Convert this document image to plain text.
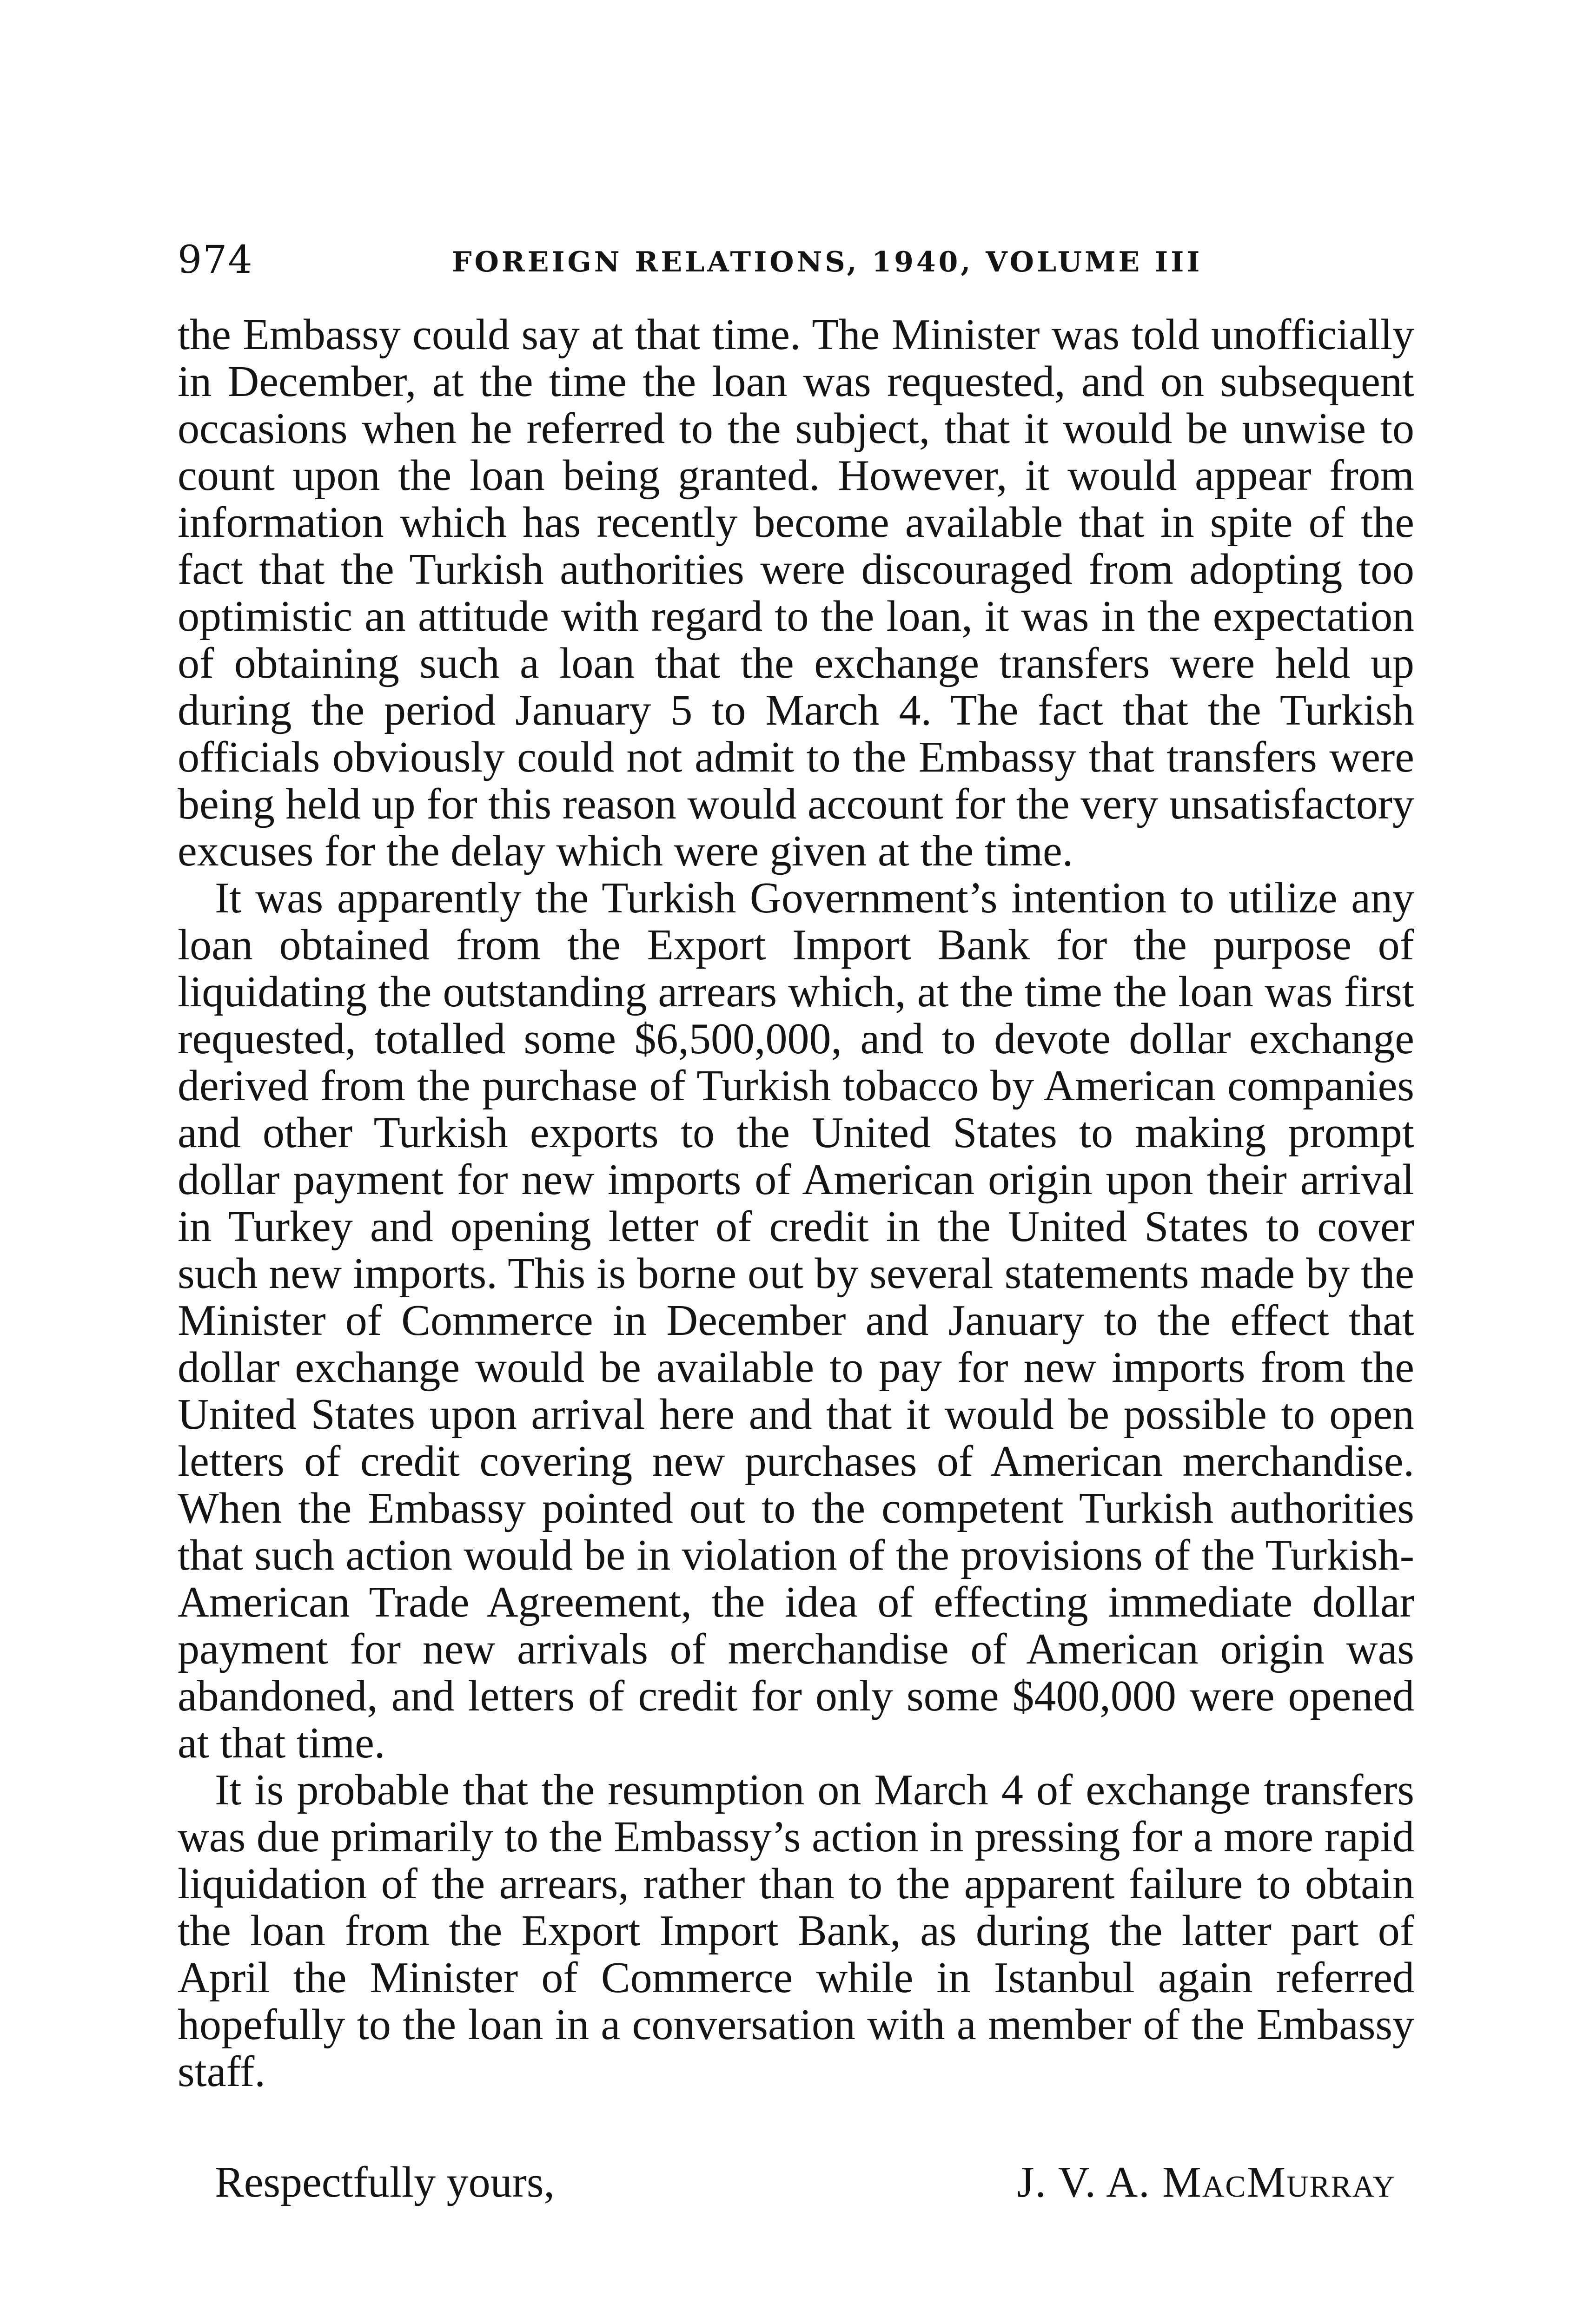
974	FOREIGN RELATIONS, 1940, VOLUME III

the Embassy could say at that time. The Minister was told unofficially in December, at the time the loan was requested, and on subsequent occasions when he referred to the subject, that it would be unwise to count upon the loan being granted. However, it would appear from information which has recently become available that in spite of the fact that the Turkish authorities were discouraged from adopting too optimistic an attitude with regard to the loan, it was in the expectation of obtaining such a loan that the exchange transfers were held up during the period January 5 to March 4. The fact that the Turkish officials obviously could not admit to the Embassy that transfers were being held up for this reason would account for the very unsatisfactory excuses for the delay which were given at the time.

It was apparently the Turkish Government’s intention to utilize any loan obtained from the Export Import Bank for the purpose of liquidating the outstanding arrears which, at the time the loan was first requested, totalled some $6,500,000, and to devote dollar exchange derived from the purchase of Turkish tobacco by American companies and other Turkish exports to the United States to making prompt dollar payment for new imports of American origin upon their arrival in Turkey and opening letter of credit in the United States to cover such new imports. This is borne out by several statements made by the Minister of Commerce in December and January to the effect that dollar exchange would be available to pay for new imports from the United States upon arrival here and that it would be possible to open letters of credit covering new purchases of American merchandise. When the Embassy pointed out to the competent Turkish authorities that such action would be in violation of the provisions of the Turkish-American Trade Agreement, the idea of effecting immediate dollar payment for new arrivals of merchandise of American origin was abandoned, and letters of credit for only some $400,000 were opened at that time.

It is probable that the resumption on March 4 of exchange transfers was due primarily to the Embassy’s action in pressing for a more rapid liquidation of the arrears, rather than to the apparent failure to obtain the loan from the Export Import Bank, as during the latter part of April the Minister of Commerce while in Istanbul again referred hopefully to the loan in a conversation with a member of the Embassy staff.

Respectfully yours,	J. V. A. MacMurray
